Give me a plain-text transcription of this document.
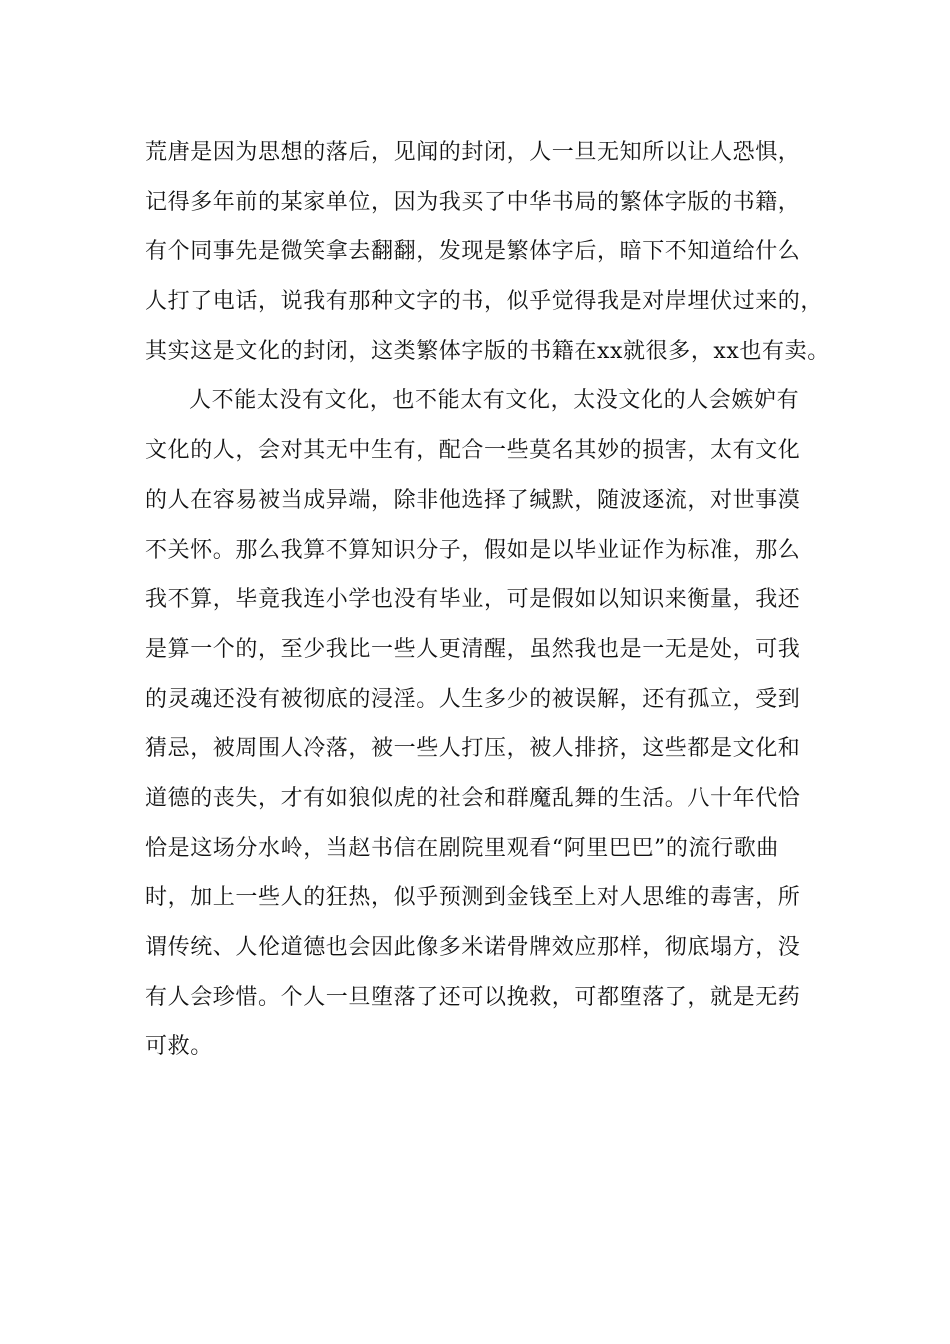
荒唐是因为思想的落后，见闻的封闭，人一旦无知所以让人恐惧，
记得多年前的某家单位，因为我买了中华书局的繁体字版的书籍，
有个同事先是微笑拿去翻翻，发现是繁体字后，暗下不知道给什么
人打了电话，说我有那种文字的书，似乎觉得我是对岸埋伏过来的，
其实这是文化的封闭，这类繁体字版的书籍在xx就很多，xx也有卖。
人不能太没有文化，也不能太有文化，太没文化的人会嫉妒有
文化的人，会对其无中生有，配合一些莫名其妙的损害，太有文化
的人在容易被当成异端，除非他选择了缄默，随波逐流，对世事漠
不关怀。那么我算不算知识分子，假如是以毕业证作为标准，那么
我不算，毕竟我连小学也没有毕业，可是假如以知识来衡量，我还
是算一个的，至少我比一些人更清醒，虽然我也是一无是处，可我
的灵魂还没有被彻底的浸淫。人生多少的被误解，还有孤立，受到
猜忌，被周围人冷落，被一些人打压，被人排挤，这些都是文化和
道德的丧失，才有如狼似虎的社会和群魔乱舞的生活。八十年代恰
恰是这场分水岭，当赵书信在剧院里观看“阿里巴巴”的流行歌曲
时，加上一些人的狂热，似乎预测到金钱至上对人思维的毒害，所
谓传统、人伦道德也会因此像多米诺骨牌效应那样，彻底塌方，没
有人会珍惜。个人一旦堕落了还可以挽救，可都堕落了，就是无药
可救。
